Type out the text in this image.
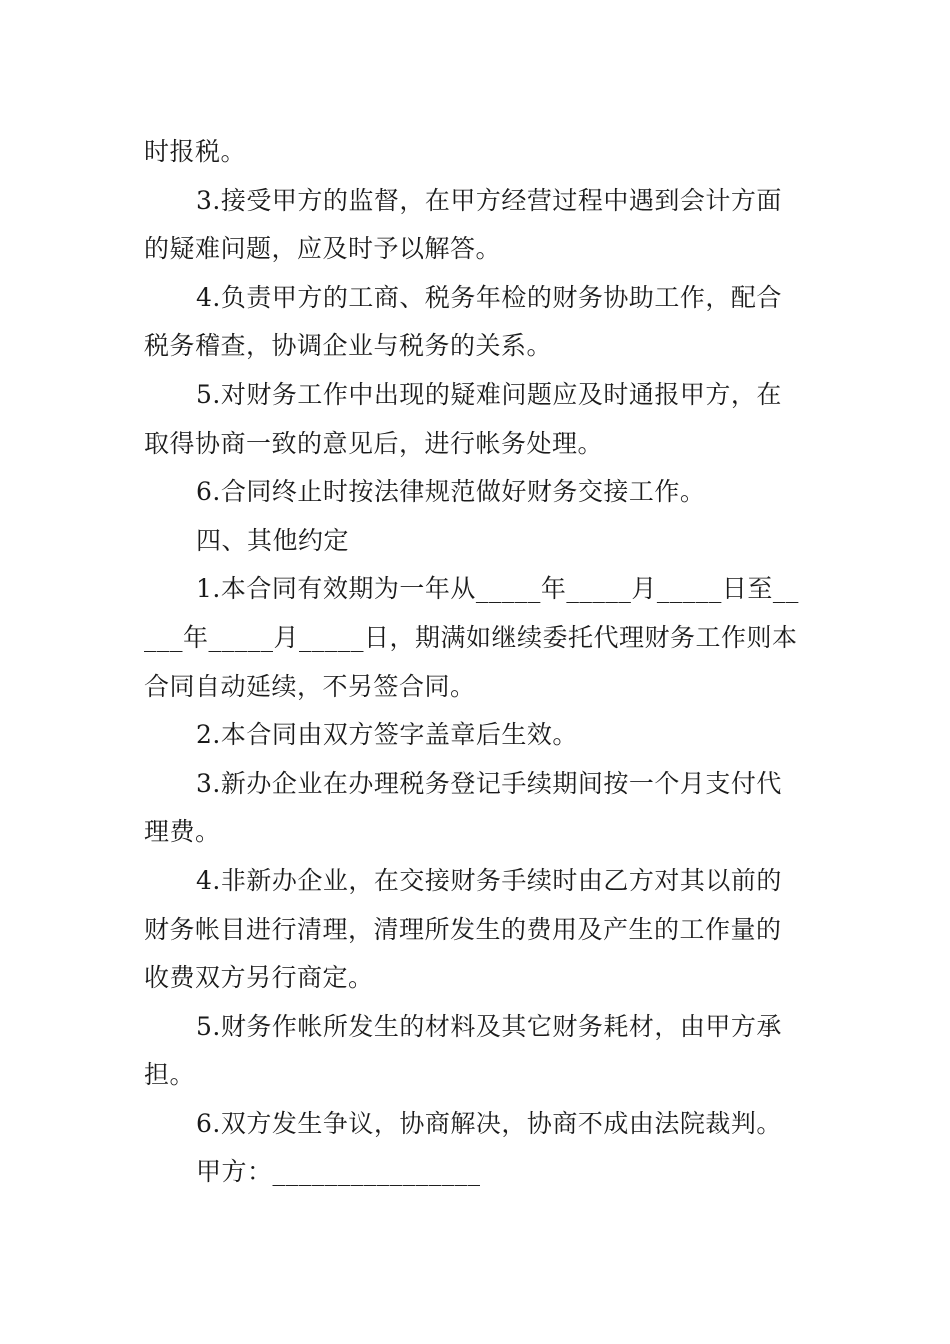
时报税。

3.接受甲方的监督，在甲方经营过程中遇到会计方面

的疑难问题，应及时予以解答。

4.负责甲方的工商、税务年检的财务协助工作，配合

税务稽查，协调企业与税务的关系。

5.对财务工作中出现的疑难问题应及时通报甲方，在

取得协商一致的意见后，进行帐务处理。

6.合同终止时按法律规范做好财务交接工作。

四、其他约定

1.本合同有效期为一年从_____年_____月_____日至__

___年_____月_____日，期满如继续委托代理财务工作则本

合同自动延续，不另签合同。

2.本合同由双方签字盖章后生效。

3.新办企业在办理税务登记手续期间按一个月支付代

理费。

4.非新办企业，在交接财务手续时由乙方对其以前的

财务帐目进行清理，清理所发生的费用及产生的工作量的

收费双方另行商定。

5.财务作帐所发生的材料及其它财务耗材，由甲方承

担。

6.双方发生争议，协商解决，协商不成由法院裁判。

甲方：________________
